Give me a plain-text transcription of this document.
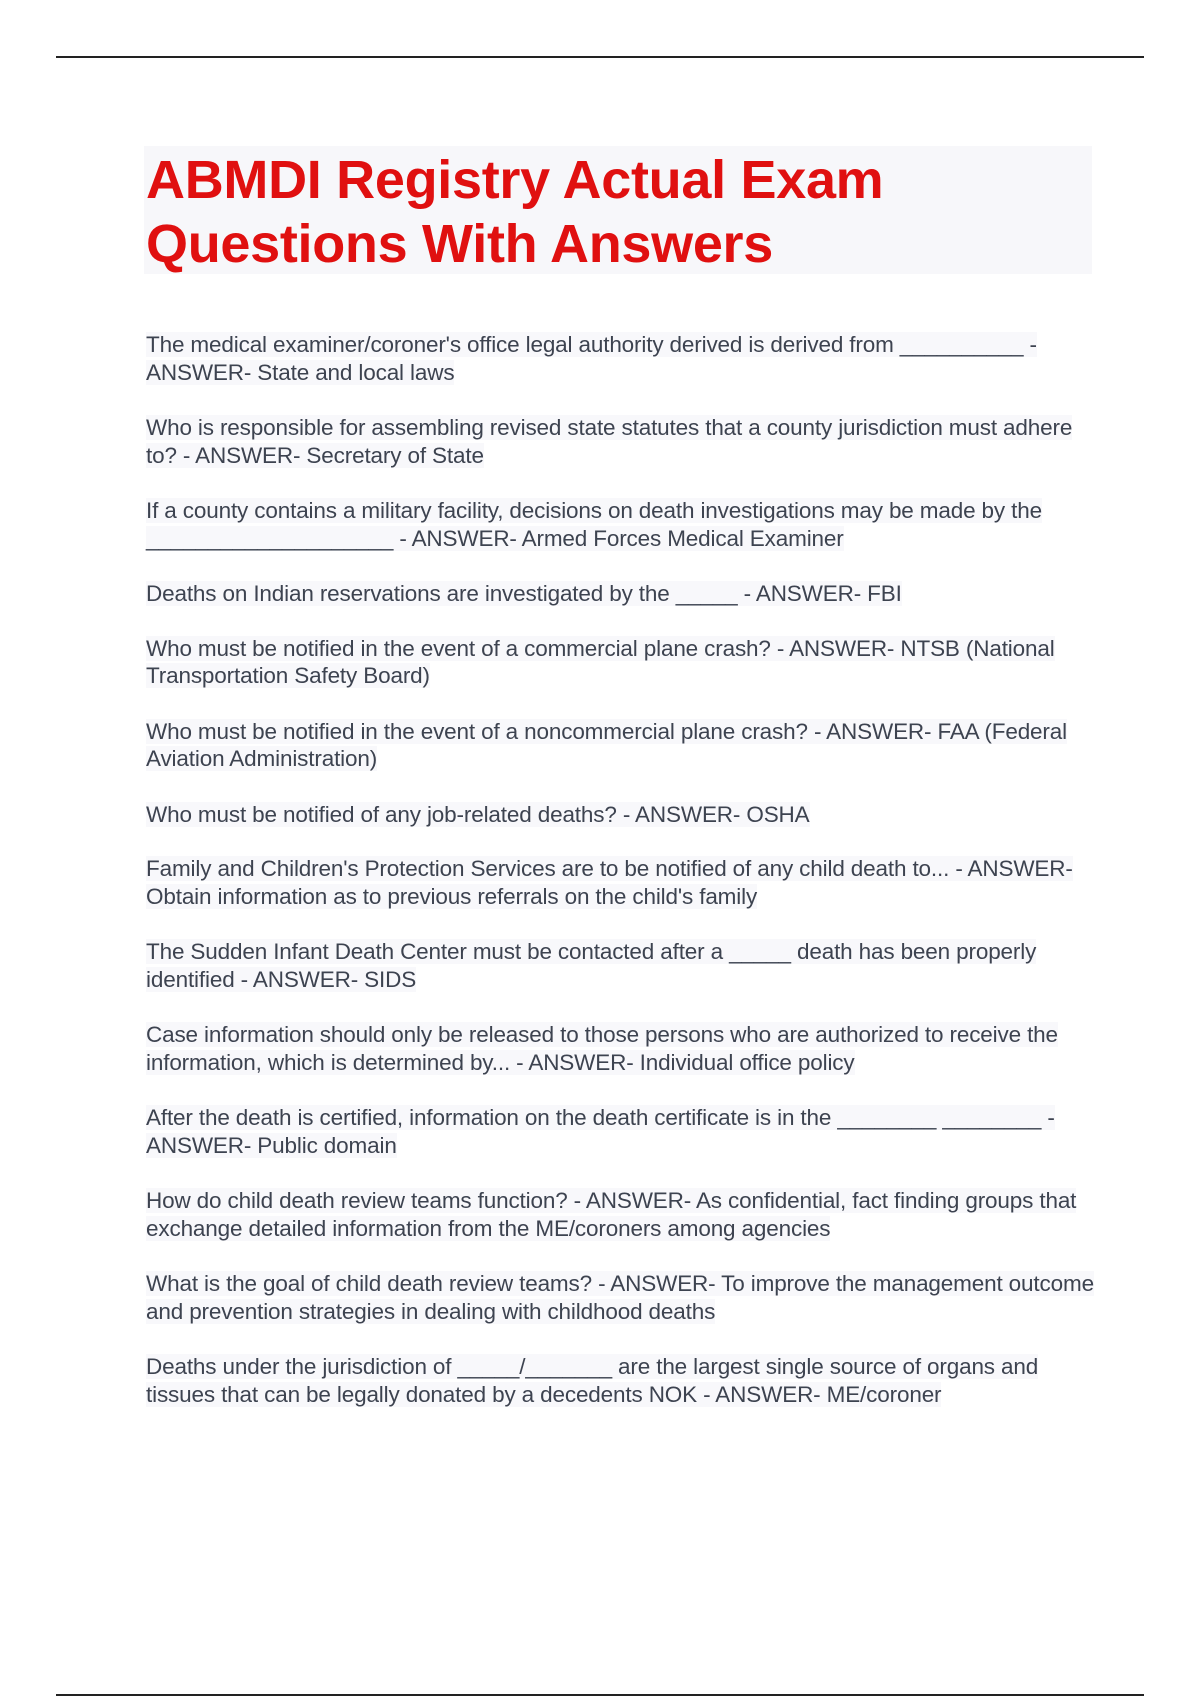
ABMDI Registry Actual Exam Questions With Answers

The medical examiner/coroner's office legal authority derived is derived from __________ - ANSWER- State and local laws

Who is responsible for assembling revised state statutes that a county jurisdiction must adhere to? - ANSWER- Secretary of State

If a county contains a military facility, decisions on death investigations may be made by the ____________________ - ANSWER- Armed Forces Medical Examiner

Deaths on Indian reservations are investigated by the _____ - ANSWER- FBI

Who must be notified in the event of a commercial plane crash? - ANSWER- NTSB (National Transportation Safety Board)

Who must be notified in the event of a noncommercial plane crash? - ANSWER- FAA (Federal Aviation Administration)

Who must be notified of any job-related deaths? - ANSWER- OSHA

Family and Children's Protection Services are to be notified of any child death to... - ANSWER- Obtain information as to previous referrals on the child's family

The Sudden Infant Death Center must be contacted after a _____ death has been properly identified - ANSWER- SIDS

Case information should only be released to those persons who are authorized to receive the information, which is determined by... - ANSWER- Individual office policy

After the death is certified, information on the death certificate is in the ________ ________ - ANSWER- Public domain

How do child death review teams function? - ANSWER- As confidential, fact finding groups that exchange detailed information from the ME/coroners among agencies

What is the goal of child death review teams? - ANSWER- To improve the management outcome and prevention strategies in dealing with childhood deaths

Deaths under the jurisdiction of _____/_______ are the largest single source of organs and tissues that can be legally donated by a decedents NOK - ANSWER- ME/coroner
